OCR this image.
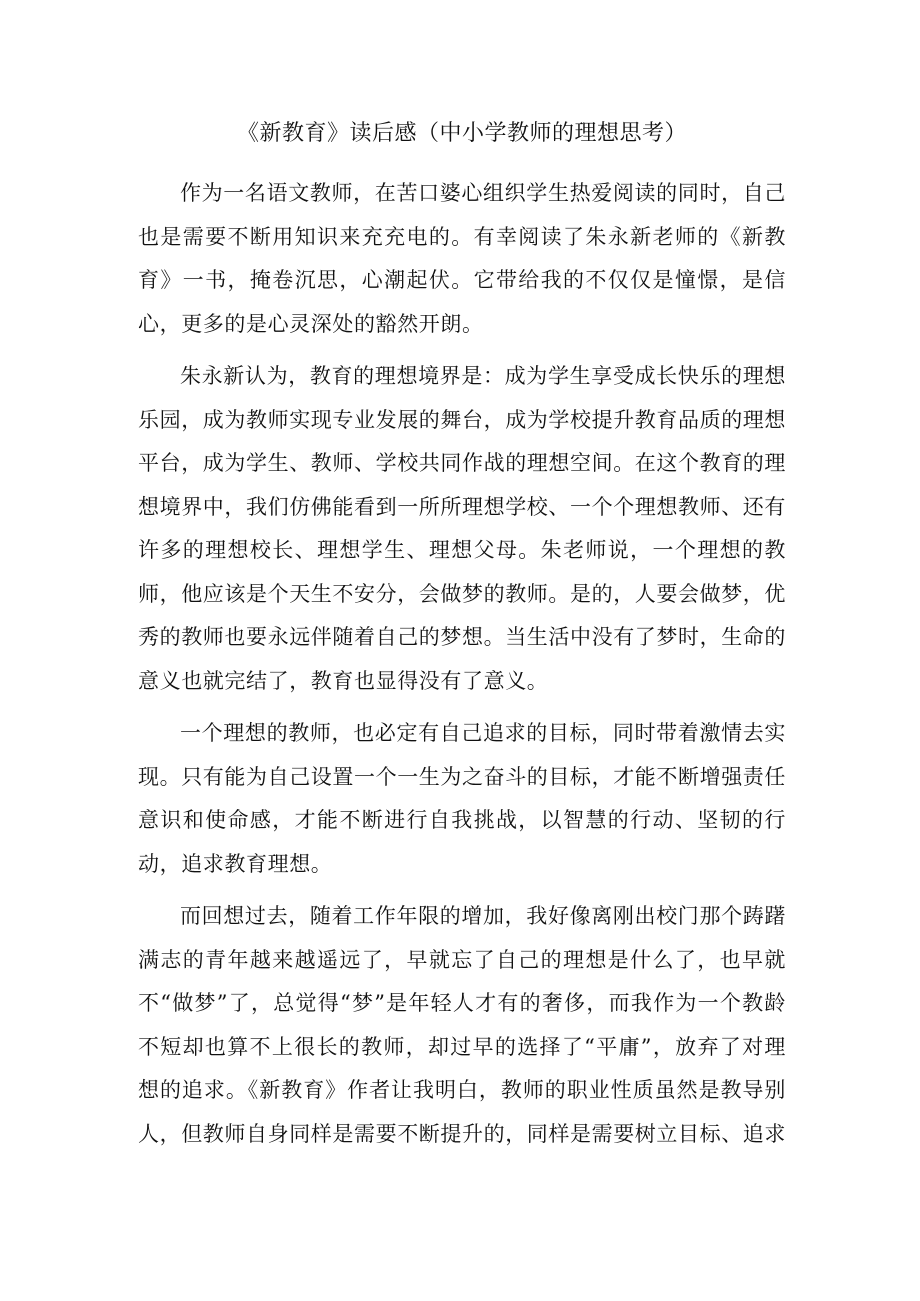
《新教育》读后感（中小学教师的理想思考）

作为一名语文教师，在苦口婆心组织学生热爱阅读的同时，自己也是需要不断用知识来充充电的。有幸阅读了朱永新老师的《新教育》一书，掩卷沉思，心潮起伏。它带给我的不仅仅是憧憬，是信心，更多的是心灵深处的豁然开朗。

朱永新认为，教育的理想境界是：成为学生享受成长快乐的理想乐园，成为教师实现专业发展的舞台，成为学校提升教育品质的理想平台，成为学生、教师、学校共同作战的理想空间。在这个教育的理想境界中，我们仿佛能看到一所所理想学校、一个个理想教师、还有许多的理想校长、理想学生、理想父母。朱老师说，一个理想的教师，他应该是个天生不安分，会做梦的教师。是的，人要会做梦，优秀的教师也要永远伴随着自己的梦想。当生活中没有了梦时，生命的意义也就完结了，教育也显得没有了意义。

一个理想的教师，也必定有自己追求的目标，同时带着激情去实现。只有能为自己设置一个一生为之奋斗的目标，才能不断增强责任意识和使命感，才能不断进行自我挑战，以智慧的行动、坚韧的行动，追求教育理想。

而回想过去，随着工作年限的增加，我好像离刚出校门那个踌躇满志的青年越来越遥远了，早就忘了自己的理想是什么了，也早就不“做梦”了，总觉得“梦”是年轻人才有的奢侈，而我作为一个教龄不短却也算不上很长的教师，却过早的选择了“平庸”，放弃了对理想的追求。《新教育》作者让我明白，教师的职业性质虽然是教导别人，但教师自身同样是需要不断提升的，同样是需要树立目标、追求
